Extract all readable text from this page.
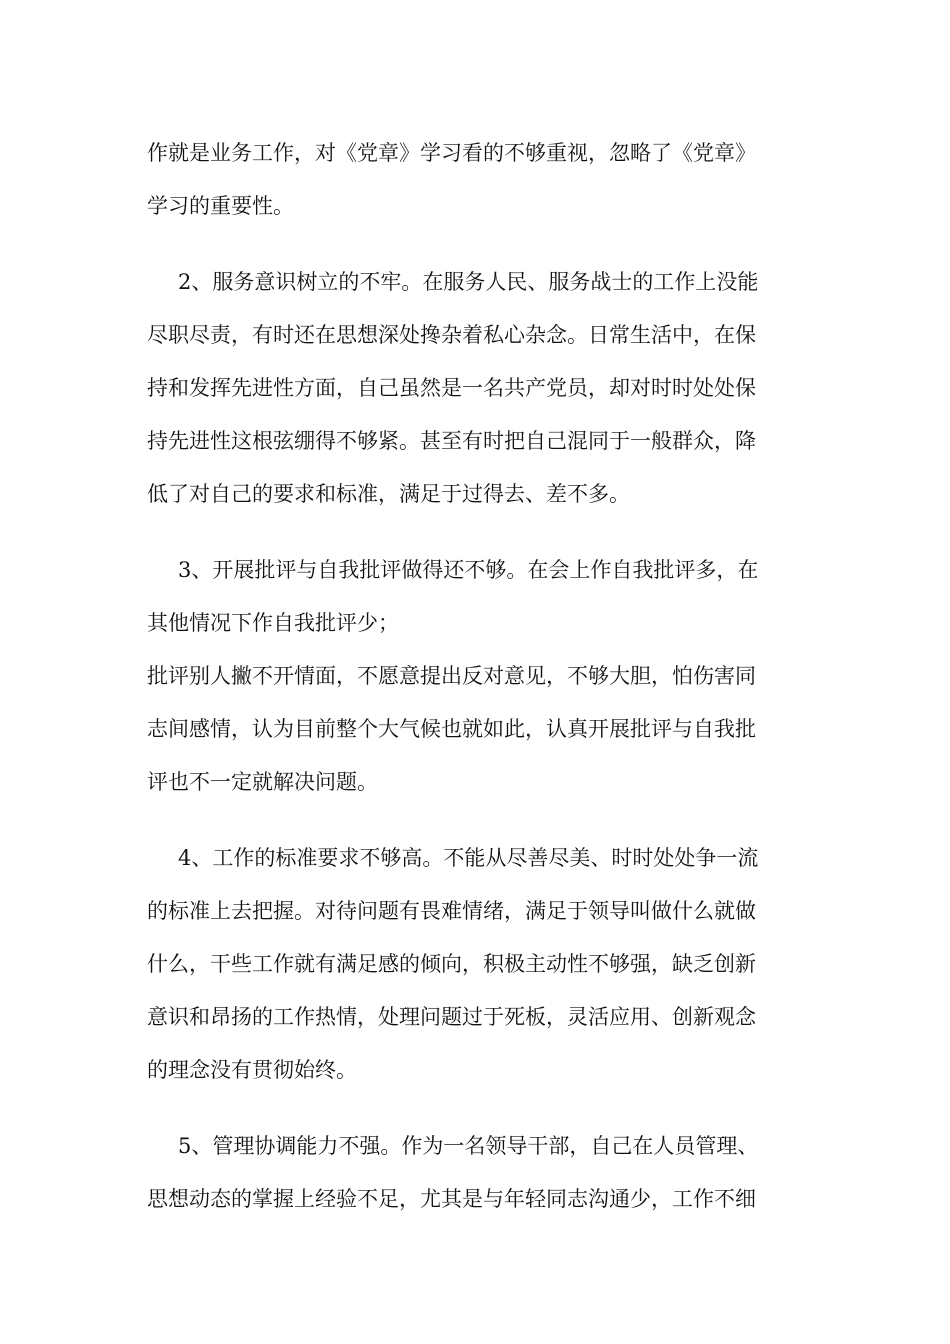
作就是业务工作，对《党章》学习看的不够重视，忽略了《党章》
学习的重要性。
2、服务意识树立的不牢。在服务人民、服务战士的工作上没能
尽职尽责，有时还在思想深处搀杂着私心杂念。日常生活中，在保
持和发挥先进性方面，自己虽然是一名共产党员，却对时时处处保
持先进性这根弦绷得不够紧。甚至有时把自己混同于一般群众，降
低了对自己的要求和标准，满足于过得去、差不多。
3、开展批评与自我批评做得还不够。在会上作自我批评多，在
其他情况下作自我批评少；
批评别人撇不开情面，不愿意提出反对意见，不够大胆，怕伤害同
志间感情，认为目前整个大气候也就如此，认真开展批评与自我批
评也不一定就解决问题。
4、工作的标准要求不够高。不能从尽善尽美、时时处处争一流
的标准上去把握。对待问题有畏难情绪，满足于领导叫做什么就做
什么，干些工作就有满足感的倾向，积极主动性不够强，缺乏创新
意识和昂扬的工作热情，处理问题过于死板，灵活应用、创新观念
的理念没有贯彻始终。
5、管理协调能力不强。作为一名领导干部，自己在人员管理、
思想动态的掌握上经验不足，尤其是与年轻同志沟通少，工作不细
